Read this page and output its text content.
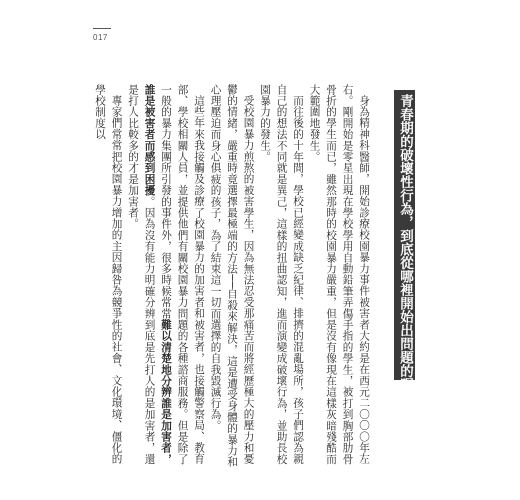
017
青春期的破壞性行為，到底從哪裡開始出問題的呢？

身為精神科醫師，開始診療校園暴力事件被害者大約是在西元二〇〇〇年左右。剛開始是零星出現在學校學用自動鉛筆弄傷手指的學生，被打到胸部肋骨骨折的學生而已，雖然那時的校園暴力嚴重，但是沒有像現在這樣灰暗殘酷而大範圍地發生。

而往後的十年間，學校已經變成缺乏紀律、排擠的混亂場所，孩子們認為親自己的想法不同就是異己，這樣的扭曲認知，進而演變成破壞行為，並助長校園暴力的發生。

受校園暴力煎熬的被害學生，因為無法忍受那痛苦而將經歷極大的壓力和憂鬱的情緒，嚴重時竟選擇最極端的方法──自殺來解決，這是遭受身體的暴力和心理壓迫而身心俱疲的孩子，為了結束這一切而選擇的自我毀滅行為。

這些年來我接觸及診療了校園暴力的加害者和被害者，也接觸警察局、教育部、學校相關人員，並提供他們有關校園暴力問題的各種諮商服務。但是除了一般的暴力集團所引發的事件外，很多時候常常難以清楚地分辨誰是加害者，誰是被害者而感到困擾。因為沒有能力明確分辨到底是先打人的是加害者，還是打人比較多的才是加害者。

專家們常常把校園暴力增加的主因歸咎為競爭性的社會、文化環境、僵化的學校制度以
